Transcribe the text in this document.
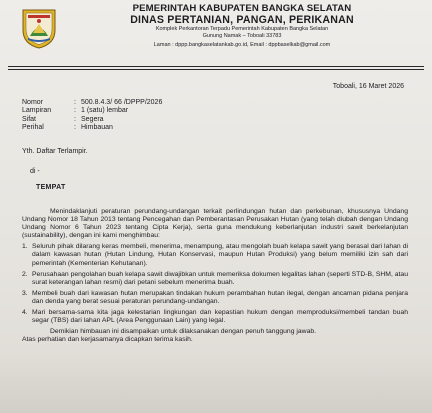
PEMERINTAH KABUPATEN BANGKA SELATAN
DINAS PERTANIAN, PANGAN, PERIKANAN
Komplek Perkantoran Terpadu Pemerintah Kabupaten Bangka Selatan
Gunung Namak – Toboali 33783
Laman : dppp.bangkaselatankab.go.id, Email : dppbaselkab@gmail.com
Toboali, 16 Maret 2026
Nomor	: 500.8.4.3/ 66 /DPPP/2026
Lampiran	: 1 (satu) lembar
Sifat	: Segera
Perihal	: Himbauan
Yth. Daftar Terlampir.
di -
TEMPAT

Menindaklanjuti peraturan perundang-undangan terkait perlindungan hutan dan perkebunan, khususnya Undang Undang Nomor 18 Tahun 2013 tentang Pencegahan dan Pemberantasan Perusakan Hutan (yang telah diubah dengan Undang Undang Nomor 6 Tahun 2023 tentang Cipta Kerja), serta guna mendukung keberlanjutan industri sawit berkelanjutan (sustainability), dengan ini kami menghimbau:

1. Seluruh pihak dilarang keras membeli, menerima, menampung, atau mengolah buah kelapa sawit yang berasal dari lahan di dalam kawasan hutan (Hutan Lindung, Hutan Konservasi, maupun Hutan Produksi) yang belum memiliki izin sah dari pemerintah (Kementerian Kehutanan).
2. Perusahaan pengolahan buah kelapa sawit diwajibkan untuk memeriksa dokumen legalitas lahan (seperti STD-B, SHM, atau surat keterangan lahan resmi) dari petani sebelum menerima buah.
3. Membeli buah dari kawasan hutan merupakan tindakan hukum perambahan hutan ilegal, dengan ancaman pidana penjara dan denda yang berat sesuai peraturan perundang-undangan.
4. Mari bersama-sama kita jaga kelestarian lingkungan dan kepastian hukum dengan memproduksi/membeli tandan buah segar (TBS) dari lahan APL (Area Penggunaan Lain) yang legal.

Demikian himbauan ini disampaikan untuk dilaksanakan dengan penuh tanggung jawab.

Atas perhatian dan kerjasamanya dicapkan terima kasih.
